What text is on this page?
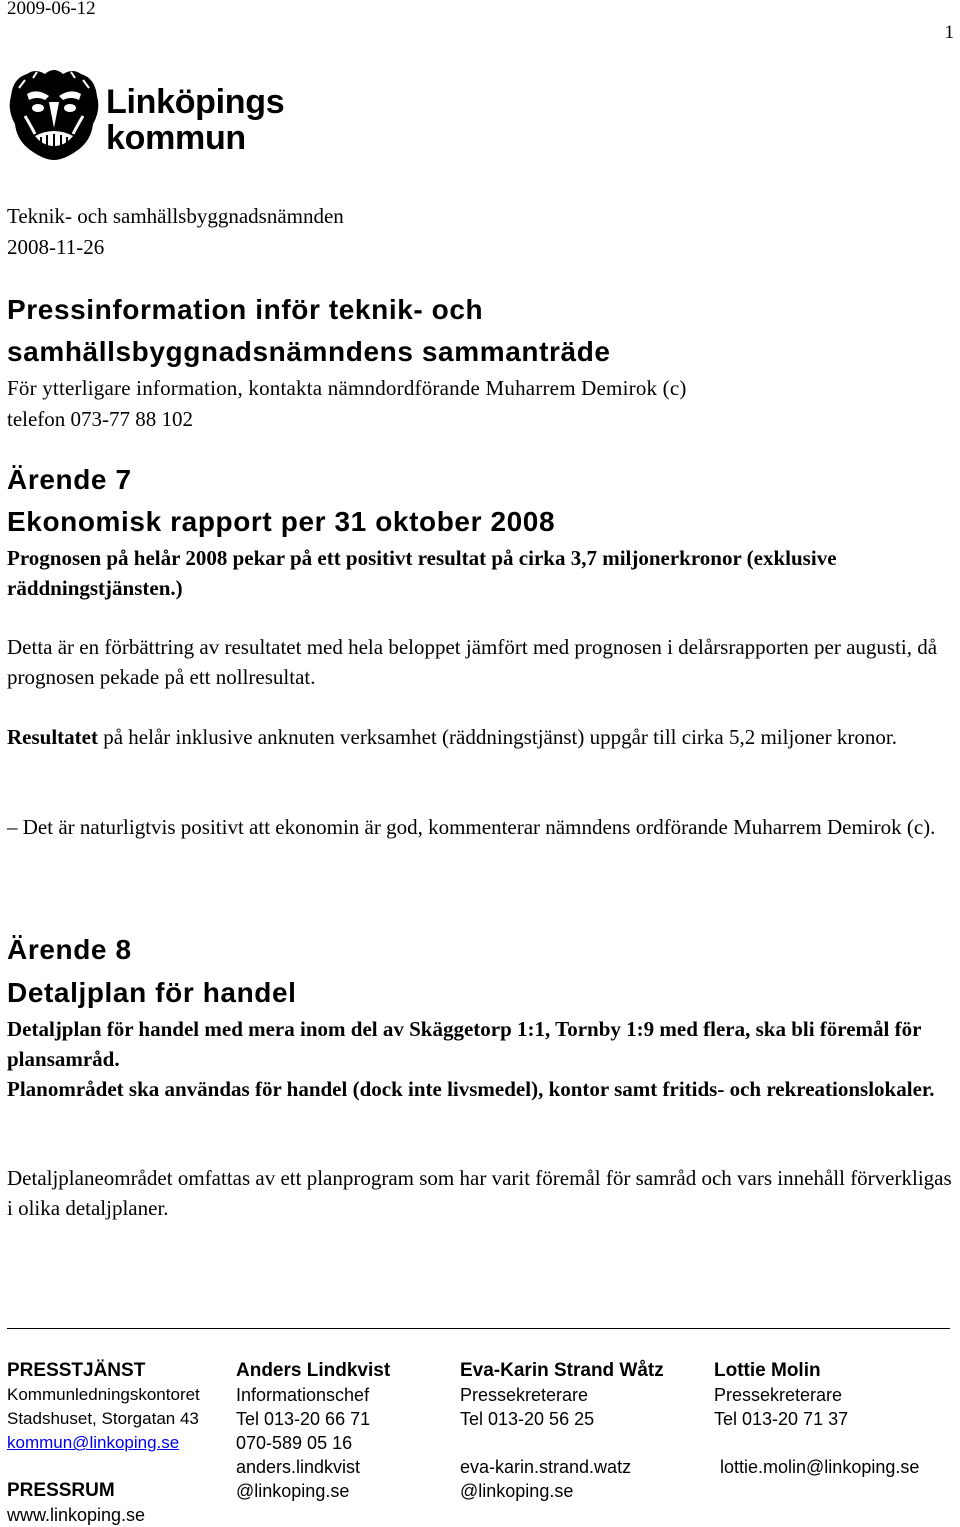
2009-06-12
1
Linköpings
kommun
Teknik- och samhällsbyggnadsnämnden
2008-11-26
Pressinformation inför teknik- och
samhällsbyggnadsnämndens sammanträde
För ytterligare information, kontakta nämndordförande Muharrem Demirok (c)
telefon 073-77 88 102
Ärende 7
Ekonomisk rapport per 31 oktober 2008
Prognosen på helår 2008 pekar på ett positivt resultat på cirka 3,7 miljonerkronor (exklusive räddningstjänsten.)
Detta är en förbättring av resultatet med hela beloppet jämfört med prognosen i delårsrapporten per augusti, då prognosen pekade på ett nollresultat.
Resultatet på helår inklusive anknuten verksamhet (räddningstjänst) uppgår till cirka 5,2 miljoner kronor.
– Det är naturligtvis positivt att ekonomin är god, kommenterar nämndens ordförande Muharrem Demirok (c).
Ärende 8
Detaljplan för handel
Detaljplan för handel med mera inom del av Skäggetorp 1:1, Tornby 1:9 med flera, ska bli föremål för plansamråd.
Planområdet ska användas för handel (dock inte livsmedel), kontor samt fritids- och rekreationslokaler.
Detaljplaneområdet omfattas av ett planprogram som har varit föremål för samråd och vars innehåll förverkligas i olika detaljplaner.
PRESSTJÄNST
Kommunledningskontoret
Stadshuset, Storgatan 43
kommun@linkoping.se
PRESSRUM
www.linkoping.se
Anders Lindkvist
Informationschef
Tel 013-20 66 71
070-589 05 16
anders.lindkvist
@linkoping.se
Eva-Karin Strand Wåtz
Pressekreterare
Tel 013-20 56 25
eva-karin.strand.watz
@linkoping.se
Lottie Molin
Pressekreterare
Tel 013-20 71 37
lottie.molin@linkoping.se
